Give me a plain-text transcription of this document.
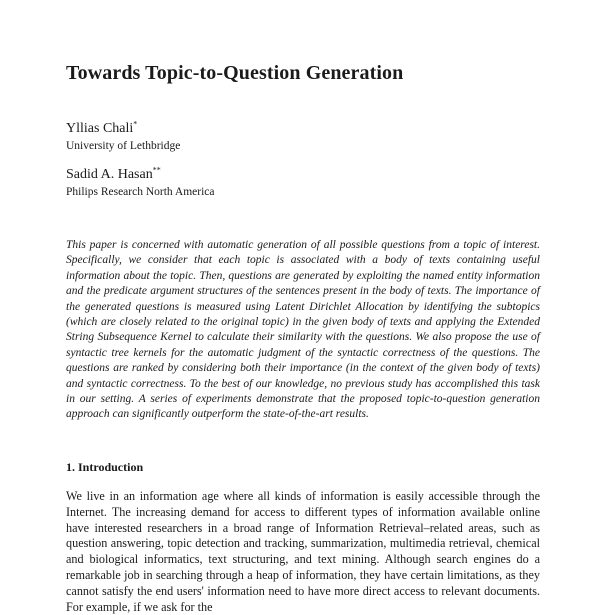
Towards Topic-to-Question Generation
Yllias Chali*
University of Lethbridge
Sadid A. Hasan**
Philips Research North America

This paper is concerned with automatic generation of all possible questions from a topic of interest. Specifically, we consider that each topic is associated with a body of texts containing useful information about the topic. Then, questions are generated by exploiting the named entity information and the predicate argument structures of the sentences present in the body of texts. The importance of the generated questions is measured using Latent Dirichlet Allocation by identifying the subtopics (which are closely related to the original topic) in the given body of texts and applying the Extended String Subsequence Kernel to calculate their similarity with the questions. We also propose the use of syntactic tree kernels for the automatic judgment of the syntactic correctness of the questions. The questions are ranked by considering both their importance (in the context of the given body of texts) and syntactic correctness. To the best of our knowledge, no previous study has accomplished this task in our setting. A series of experiments demonstrate that the proposed topic-to-question generation approach can significantly outperform the state-of-the-art results.

1. Introduction

We live in an information age where all kinds of information is easily accessible through the Internet. The increasing demand for access to different types of information available online have interested researchers in a broad range of Information Retrieval–related areas, such as question answering, topic detection and tracking, summarization, multimedia retrieval, chemical and biological informatics, text structuring, and text mining. Although search engines do a remarkable job in searching through a heap of information, they have certain limitations, as they cannot satisfy the end users' information need to have more direct access to relevant documents. For example, if we ask for the
